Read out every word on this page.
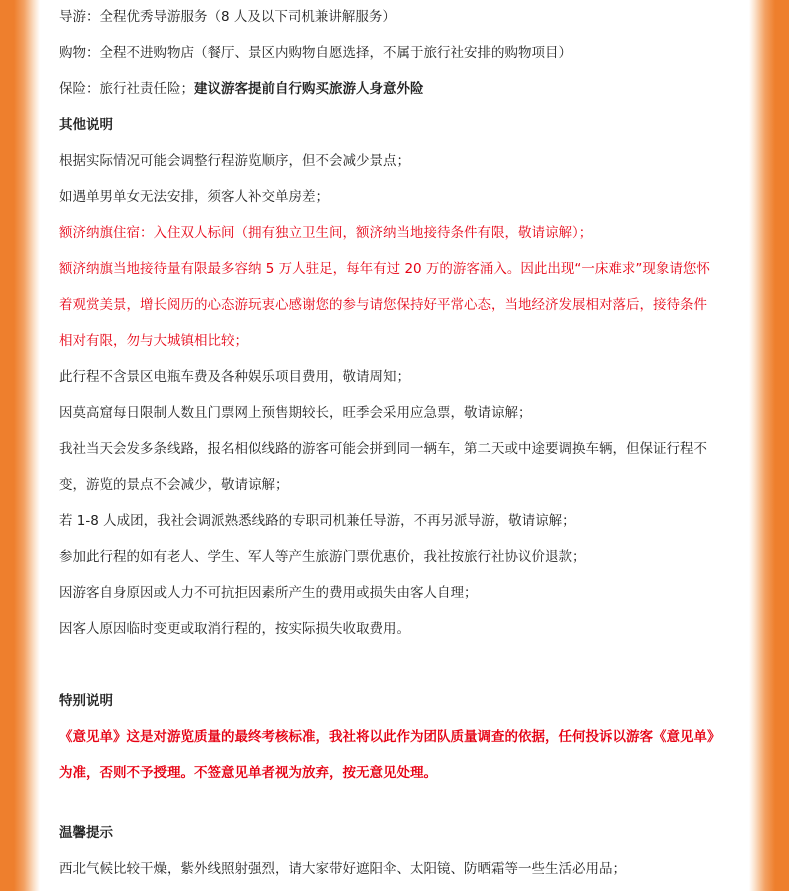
导游：全程优秀导游服务（8 人及以下司机兼讲解服务）
购物：全程不进购物店（餐厅、景区内购物自愿选择，不属于旅行社安排的购物项目）
保险：旅行社责任险；建议游客提前自行购买旅游人身意外险
其他说明
根据实际情况可能会调整行程游览顺序，但不会减少景点；
如遇单男单女无法安排，须客人补交单房差；
额济纳旗住宿：入住双人标间（拥有独立卫生间，额济纳当地接待条件有限，敬请谅解）；
额济纳旗当地接待量有限最多容纳 5 万人驻足，每年有过 20 万的游客涌入。因此出现“一床难求”现象请您怀
着观赏美景，增长阅历的心态游玩衷心感谢您的参与请您保持好平常心态，当地经济发展相对落后，接待条件
相对有限，勿与大城镇相比较；
此行程不含景区电瓶车费及各种娱乐项目费用，敬请周知；
因莫高窟每日限制人数且门票网上预售期较长，旺季会采用应急票，敬请谅解；
我社当天会发多条线路，报名相似线路的游客可能会拼到同一辆车，第二天或中途要调换车辆，但保证行程不
变，游览的景点不会减少，敬请谅解；
若 1-8 人成团，我社会调派熟悉线路的专职司机兼任导游，不再另派导游，敬请谅解；
参加此行程的如有老人、学生、军人等产生旅游门票优惠价，我社按旅行社协议价退款；
因游客自身原因或人力不可抗拒因素所产生的费用或损失由客人自理；
因客人原因临时变更或取消行程的，按实际损失收取费用。
特别说明
《意见单》这是对游览质量的最终考核标准，我社将以此作为团队质量调查的依据，任何投诉以游客《意见单》
为准，否则不予授理。不签意见单者视为放弃，按无意见处理。
温馨提示
西北气候比较干燥，紫外线照射强烈，请大家带好遮阳伞、太阳镜、防晒霜等一些生活必用品；
